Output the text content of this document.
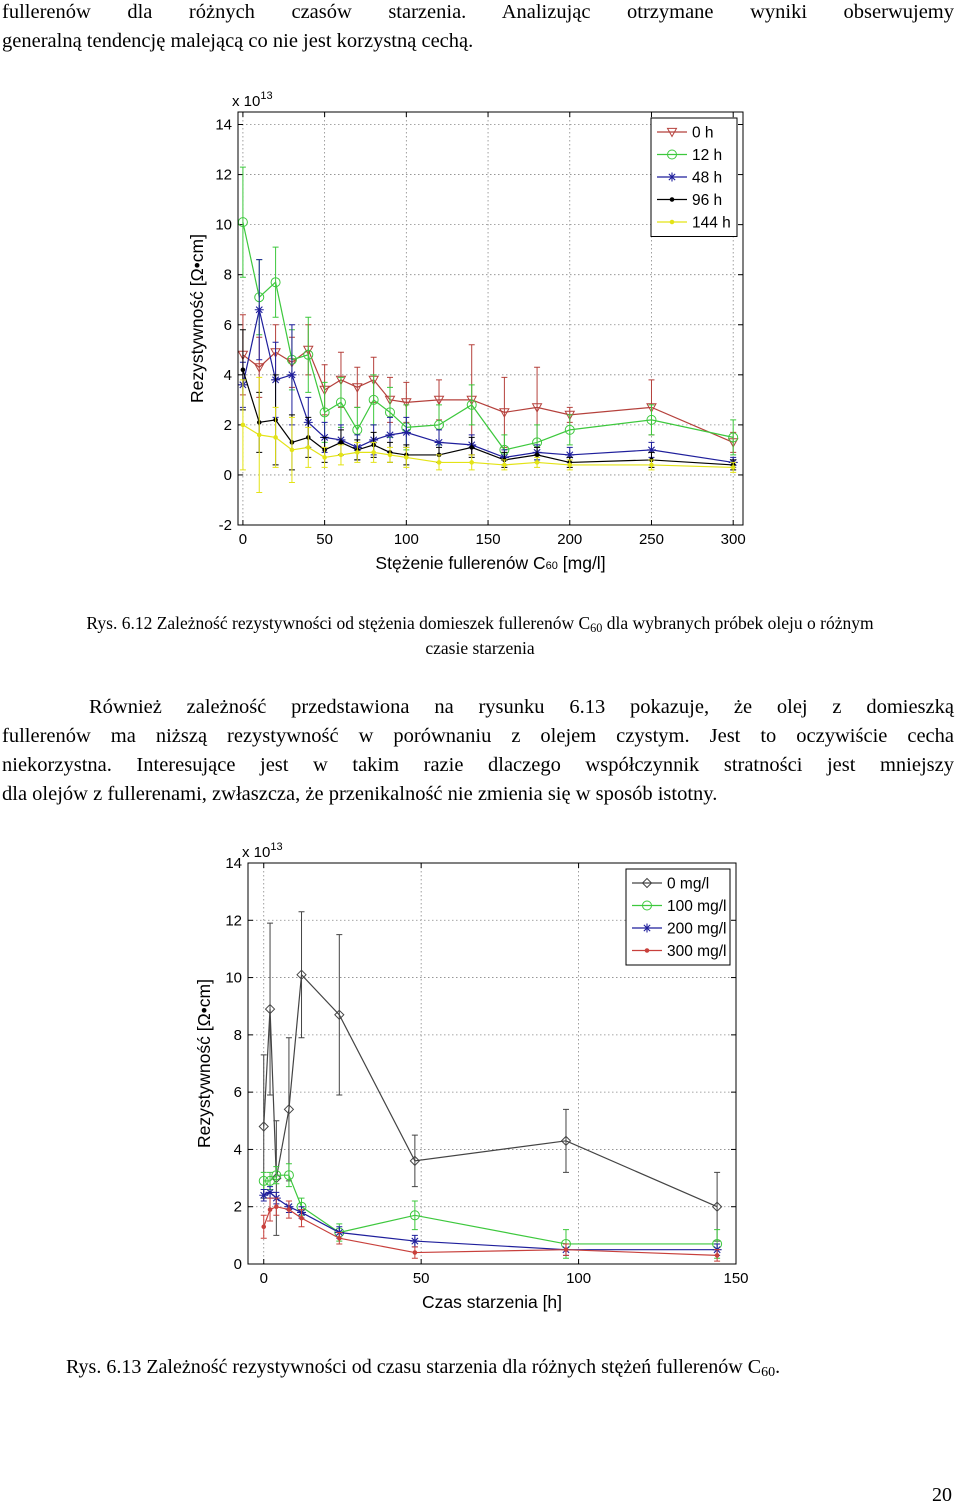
fullerenów dla różnych czasów starzenia. Analizując otrzymane wyniki obserwujemy
generalną tendencję malejącą co nie jest korzystną cechą.

0	50	100	150	200	250	300
-2
0
2
4
6
8
10
12
14
x $10^{13}$
Stężenie fullerenów C60 [mg/l]
Rezystywność [Ω•cm]
0 h
12 h
48 h
96 h
144 h

Rys. 6.12 Zależność rezystywności od stężenia domieszek fullerenów $C_{60}$ dla wybranych próbek oleju o różnym
czasie starzenia

Również zależność przedstawiona na rysunku 6.13 pokazuje, że olej z domieszką
fullerenów ma niższą rezystywność w porównaniu z olejem czystym. Jest to oczywiście cecha
niekorzystna. Interesujące jest w takim razie dlaczego współczynnik stratności jest mniejszy
dla olejów z fullerenami, zwłaszcza, że przenikalność nie zmienia się w sposób istotny.

0	50	100	150
0
2
4
6
8
10
12
14
x $10^{13}$
Czas starzenia [h]
Rezystywność [Ω•cm]
0 mg/l
100 mg/l
200 mg/l
300 mg/l

Rys. 6.13 Zależność rezystywności od czasu starzenia dla różnych stężeń fullerenów $C_{60}$.

20
